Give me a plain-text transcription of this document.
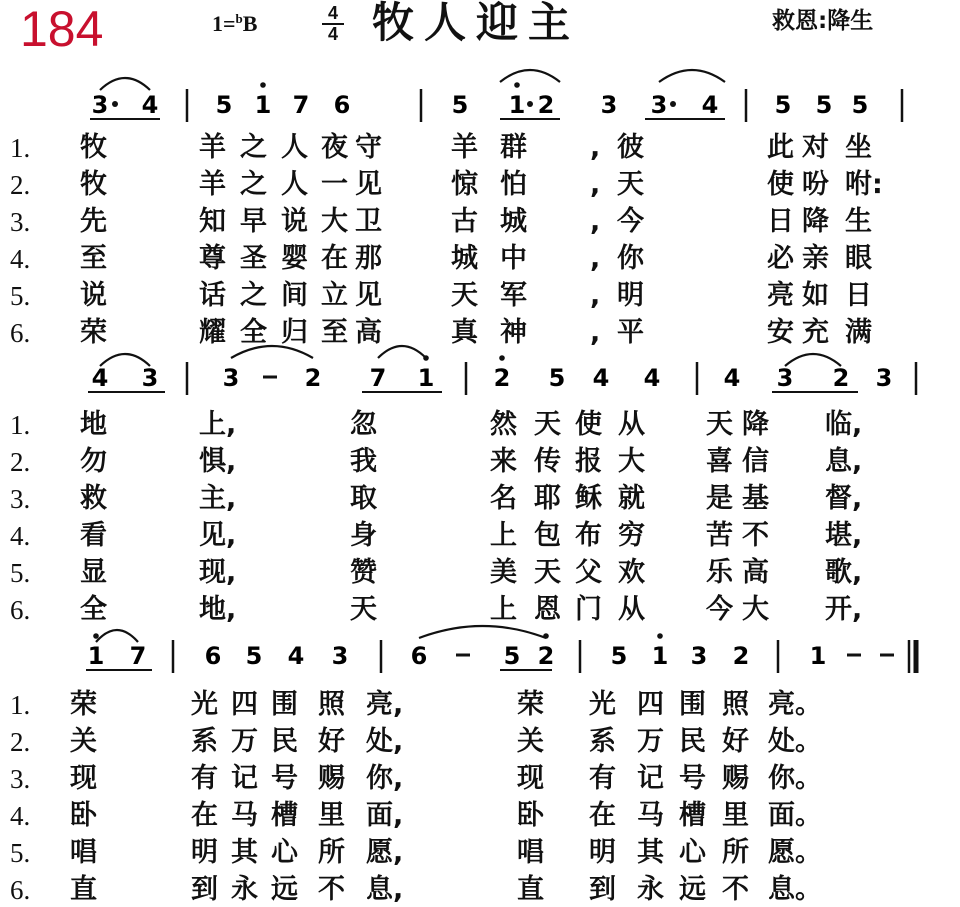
184	1=$^b$B	$\frac{4}{4}$ 牧人迎主	救恩:降生
3 4 5 1 7 6	5 1 2 3 3 4 5 5 5
4 3	3	2 7 1 2 5 4 4	4 3 2 3
1 7 6 5 4 3	6	5 2 5 1 3 2	1
1. 牧	羊 之 人 夜 守	羊 群 , 彼	此 对 坐
2. 牧	羊 之 人 一 见	惊 怕 , 天	使 吩 咐:
3. 先	知 早 说 大 卫	古 城 , 今	日 降 生
4. 至	尊 圣 婴 在 那	城 中 , 你	必 亲 眼
5. 说	话 之 间 立 见	天 军 , 明	亮 如 日
6. 荣	耀 全 归 至 高	真 神 , 平	安 充 满
1. 地	上,	忽	然 天 使 从 天 降 临,
2. 勿	惧,	我	来 传 报 大 喜 信 息,
3. 救	主,	取	名 耶 稣 就 是 基 督,
4. 看	见,	身	上 包 布 穷 苦 不 堪,
5. 显	现,	赞	美 天 父 欢 乐 高 歌,
6. 全	地,	天	上 恩 门 从 今 大 开,
1. 荣	光 四 围 照 亮,	荣 光 四 围 照 亮。
2. 关	系 万 民 好 处,	关 系 万 民 好 处。
3. 现	有 记 号 赐 你,	现 有 记 号 赐 你。
4. 卧	在 马 槽 里 面,	卧 在 马 槽 里 面。
5. 唱	明 其 心 所 愿,	唱 明 其 心 所 愿。
6. 直	到 永 远 不 息,	直 到 永 远 不 息。
